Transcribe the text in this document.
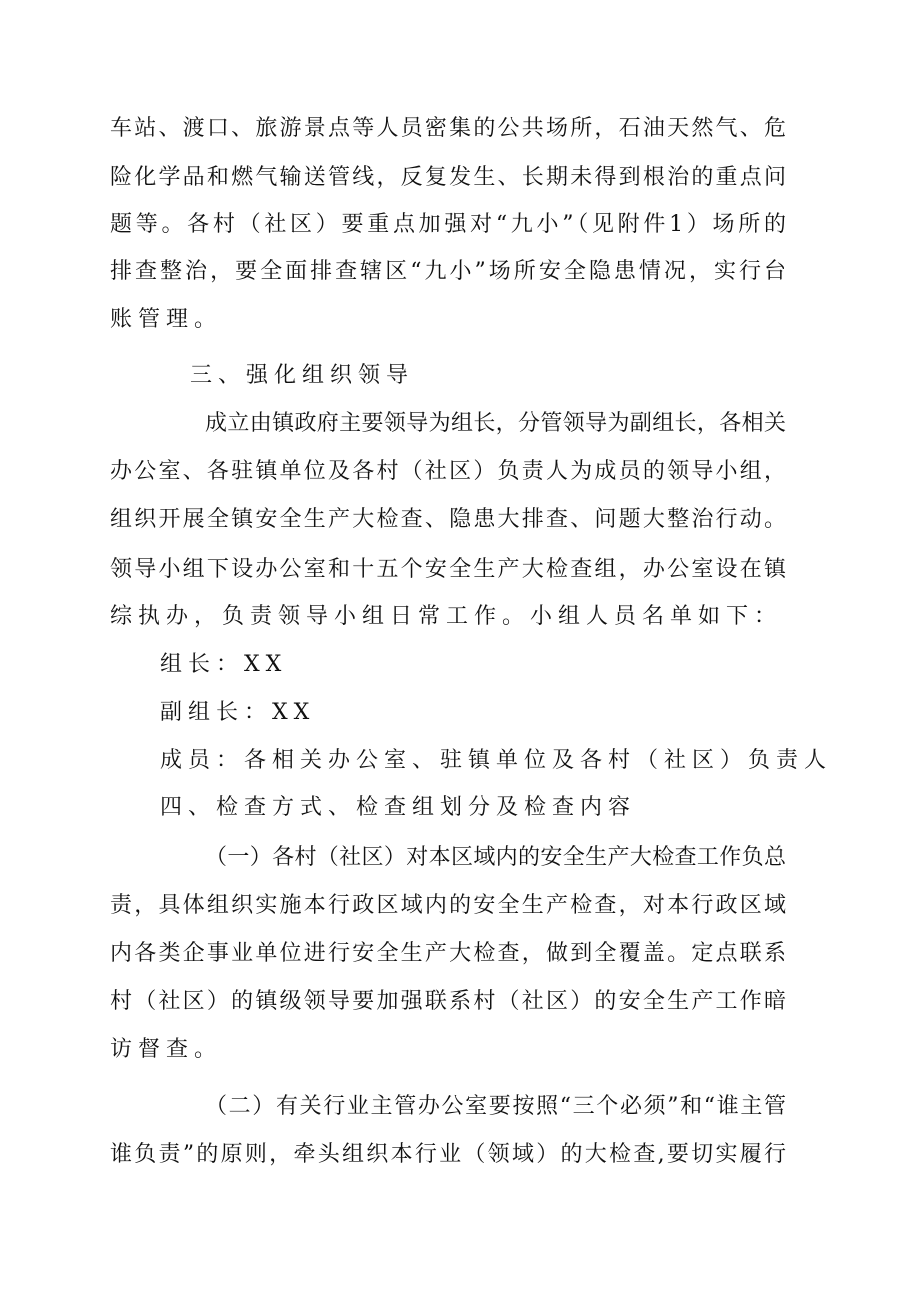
车站、渡口、旅游景点等人员密集的公共场所，石油天然气、危
险化学品和燃气输送管线，反复发生、长期未得到根治的重点问
题等。各村（社区）要重点加强对“九小”（见附件1）场所的
排查整治，要全面排查辖区“九小”场所安全隐患情况，实行台
账管理。
三、强化组织领导
成立由镇政府主要领导为组长，分管领导为副组长，各相关
办公室、各驻镇单位及各村（社区）负责人为成员的领导小组，
组织开展全镇安全生产大检查、隐患大排查、问题大整治行动。
领导小组下设办公室和十五个安全生产大检查组，办公室设在镇
综执办，负责领导小组日常工作。小组人员名单如下：
组长：XX
副组长：XX
成员：各相关办公室、驻镇单位及各村（社区）负责人
四、检查方式、检查组划分及检查内容
（一）各村（社区）对本区域内的安全生产大检查工作负总
责，具体组织实施本行政区域内的安全生产检查，对本行政区域
内各类企事业单位进行安全生产大检查，做到全覆盖。定点联系
村（社区）的镇级领导要加强联系村（社区）的安全生产工作暗
访督查。
（二）有关行业主管办公室要按照“三个必须”和“谁主管
谁负责”的原则，牵头组织本行业（领域）的大检查,要切实履行
